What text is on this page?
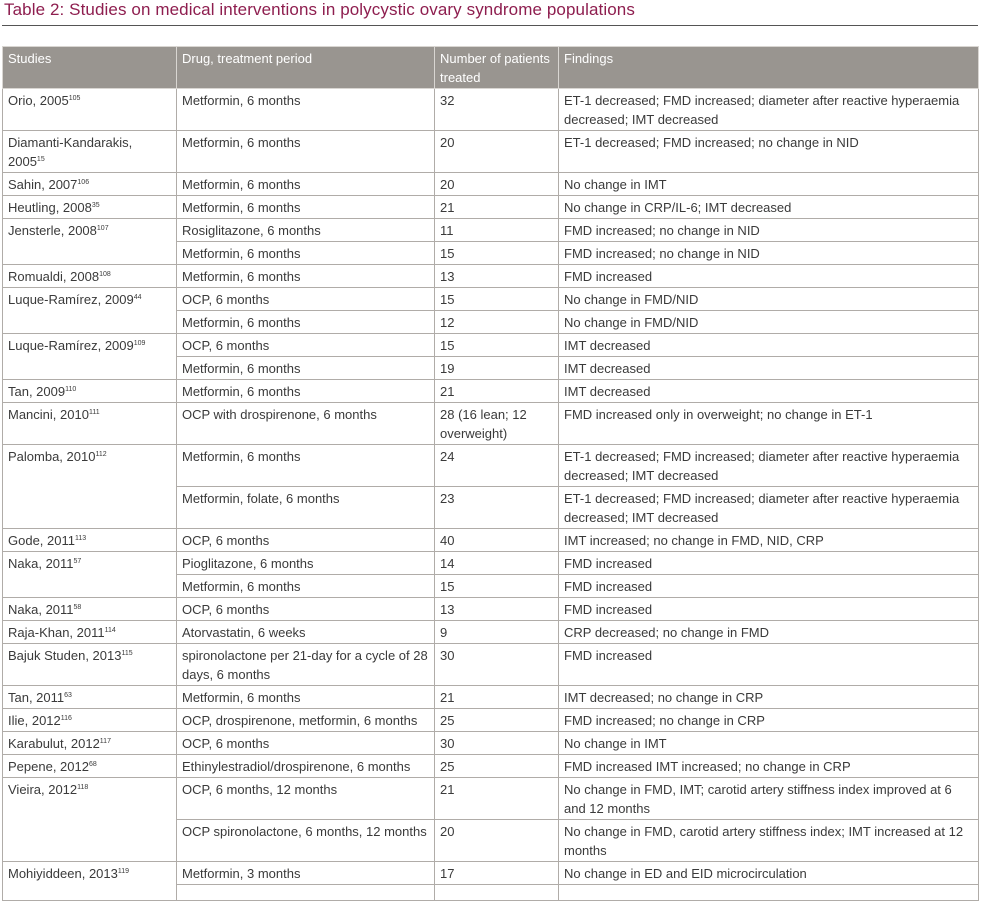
Table 2: Studies on medical interventions in polycystic ovary syndrome populations
Studies	Drug, treatment period	Number of patients treated	Findings
Orio, 2005$^{105}$	Metformin, 6 months	32	ET-1 decreased; FMD increased; diameter after reactive hyperaemia decreased; IMT decreased
Diamanti-Kandarakis, 2005$^{15}$	Metformin, 6 months	20	ET-1 decreased; FMD increased; no change in NID
Sahin, 2007$^{106}$	Metformin, 6 months	20	No change in IMT
Heutling, 2008$^{35}$	Metformin, 6 months	21	No change in CRP/IL-6; IMT decreased
Jensterle, 2008$^{107}$	Rosiglitazone, 6 months	11	FMD increased; no change in NID
	Metformin, 6 months	15	FMD increased; no change in NID
Romualdi, 2008$^{108}$	Metformin, 6 months	13	FMD increased
Luque-Ramírez, 2009$^{44}$	OCP, 6 months	15	No change in FMD/NID
	Metformin, 6 months	12	No change in FMD/NID
Luque-Ramírez, 2009$^{109}$	OCP, 6 months	15	IMT decreased
	Metformin, 6 months	19	IMT decreased
Tan, 2009$^{110}$	Metformin, 6 months	21	IMT decreased
Mancini, 2010$^{111}$	OCP with drospirenone, 6 months	28 (16 lean; 12 overweight)	FMD increased only in overweight; no change in ET-1
Palomba, 2010$^{112}$	Metformin, 6 months	24	ET-1 decreased; FMD increased; diameter after reactive hyperaemia decreased; IMT decreased
	Metformin, folate, 6 months	23	ET-1 decreased; FMD increased; diameter after reactive hyperaemia decreased; IMT decreased
Gode, 2011$^{113}$	OCP, 6 months	40	IMT increased; no change in FMD, NID, CRP
Naka, 2011$^{57}$	Pioglitazone, 6 months	14	FMD increased
	Metformin, 6 months	15	FMD increased
Naka, 2011$^{58}$	OCP, 6 months	13	FMD increased
Raja-Khan, 2011$^{114}$	Atorvastatin, 6 weeks	9	CRP decreased; no change in FMD
Bajuk Studen, 2013$^{115}$	spironolactone per 21-day for a cycle of 28 days, 6 months	30	FMD increased
Tan, 2011$^{63}$	Metformin, 6 months	21	IMT decreased; no change in CRP
Ilie, 2012$^{116}$	OCP, drospirenone, metformin, 6 months	25	FMD increased; no change in CRP
Karabulut, 2012$^{117}$	OCP, 6 months	30	No change in IMT
Pepene, 2012$^{68}$	Ethinylestradiol/drospirenone, 6 months	25	FMD increased IMT increased; no change in CRP
Vieira, 2012$^{118}$	OCP, 6 months, 12 months	21	No change in FMD, IMT; carotid artery stiffness index improved at 6 and 12 months
	OCP spironolactone, 6 months, 12 months	20	No change in FMD, carotid artery stiffness index; IMT increased at 12 months
Mohiyiddeen, 2013$^{119}$	Metformin, 3 months	17	No change in ED and EID microcirculation
